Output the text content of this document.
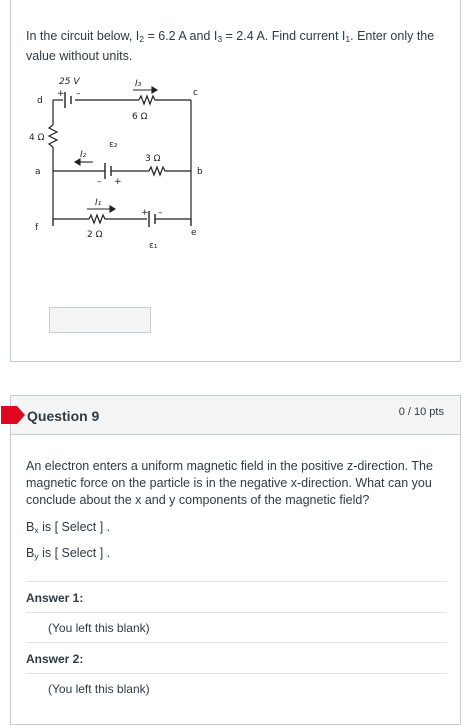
In the circuit below, $I_2 = 6.2$ A and $I_3 = 2.4$ A. Find current $I_1$. Enter only the value without units.
d
c
a	b
f	e
25 V
6 Ω
4 Ω
3 Ω
2 Ω
ε₂
ε₁
I₃
I₂
I₁
+ –
– +
+ –
Question 9	0 / 10 pts
An electron enters a uniform magnetic field in the positive z-direction. The magnetic force on the particle is in the negative x-direction. What can you conclude about the x and y components of the magnetic field?
$B_x$ is [ Select ] .
$B_y$ is [ Select ] .
Answer 1:
(You left this blank)
Answer 2:
(You left this blank)
